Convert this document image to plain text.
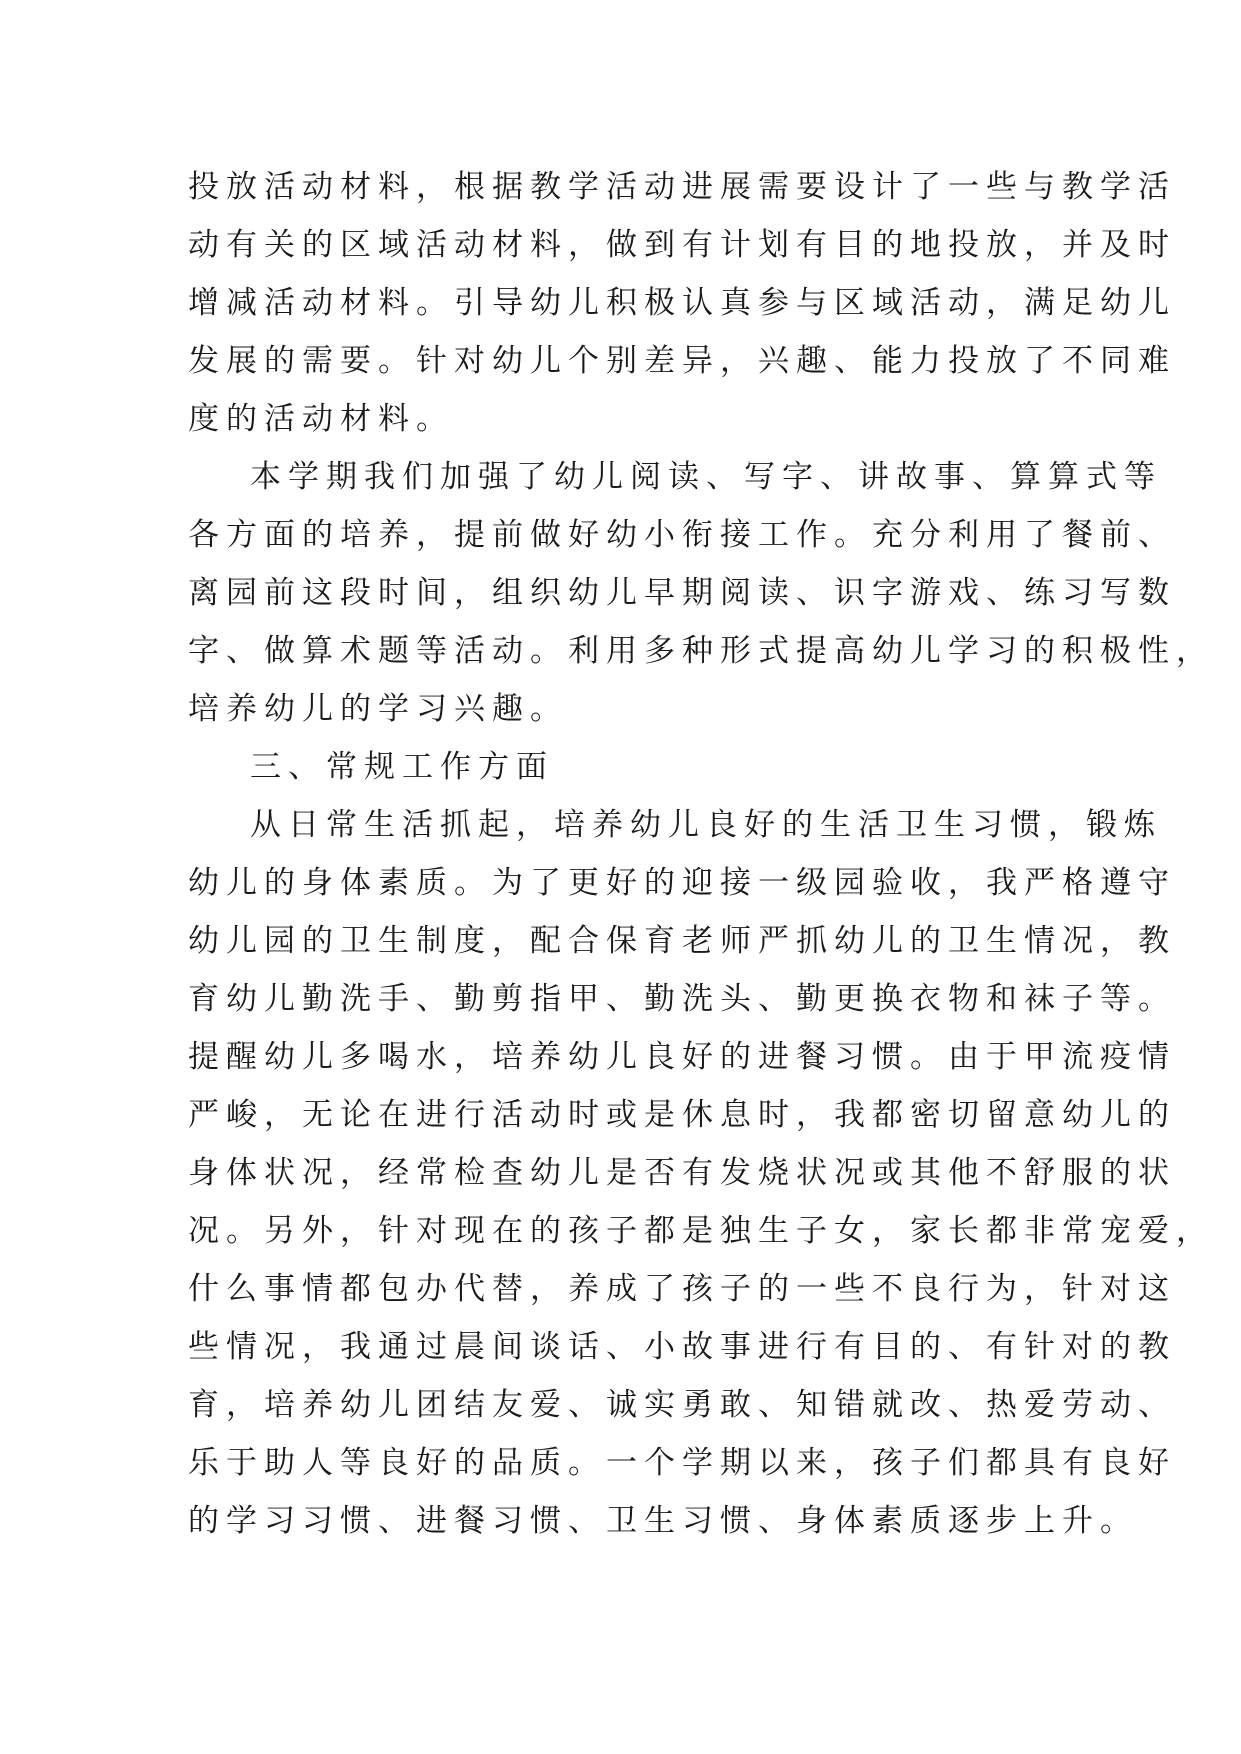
投放活动材料，根据教学活动进展需要设计了一些与教学活

动有关的区域活动材料，做到有计划有目的地投放，并及时

增减活动材料。引导幼儿积极认真参与区域活动，满足幼儿

发展的需要。针对幼儿个别差异，兴趣、能力投放了不同难

度的活动材料。

本学期我们加强了幼儿阅读、写字、讲故事、算算式等

各方面的培养，提前做好幼小衔接工作。充分利用了餐前、

离园前这段时间，组织幼儿早期阅读、识字游戏、练习写数

字、做算术题等活动。利用多种形式提高幼儿学习的积极性，

培养幼儿的学习兴趣。

三、常规工作方面

从日常生活抓起，培养幼儿良好的生活卫生习惯，锻炼

幼儿的身体素质。为了更好的迎接一级园验收，我严格遵守

幼儿园的卫生制度，配合保育老师严抓幼儿的卫生情况，教

育幼儿勤洗手、勤剪指甲、勤洗头、勤更换衣物和袜子等。

提醒幼儿多喝水，培养幼儿良好的进餐习惯。由于甲流疫情

严峻，无论在进行活动时或是休息时，我都密切留意幼儿的

身体状况，经常检查幼儿是否有发烧状况或其他不舒服的状

况。另外，针对现在的孩子都是独生子女，家长都非常宠爱，

什么事情都包办代替，养成了孩子的一些不良行为，针对这

些情况，我通过晨间谈话、小故事进行有目的、有针对的教

育，培养幼儿团结友爱、诚实勇敢、知错就改、热爱劳动、

乐于助人等良好的品质。一个学期以来，孩子们都具有良好

的学习习惯、进餐习惯、卫生习惯、身体素质逐步上升。
